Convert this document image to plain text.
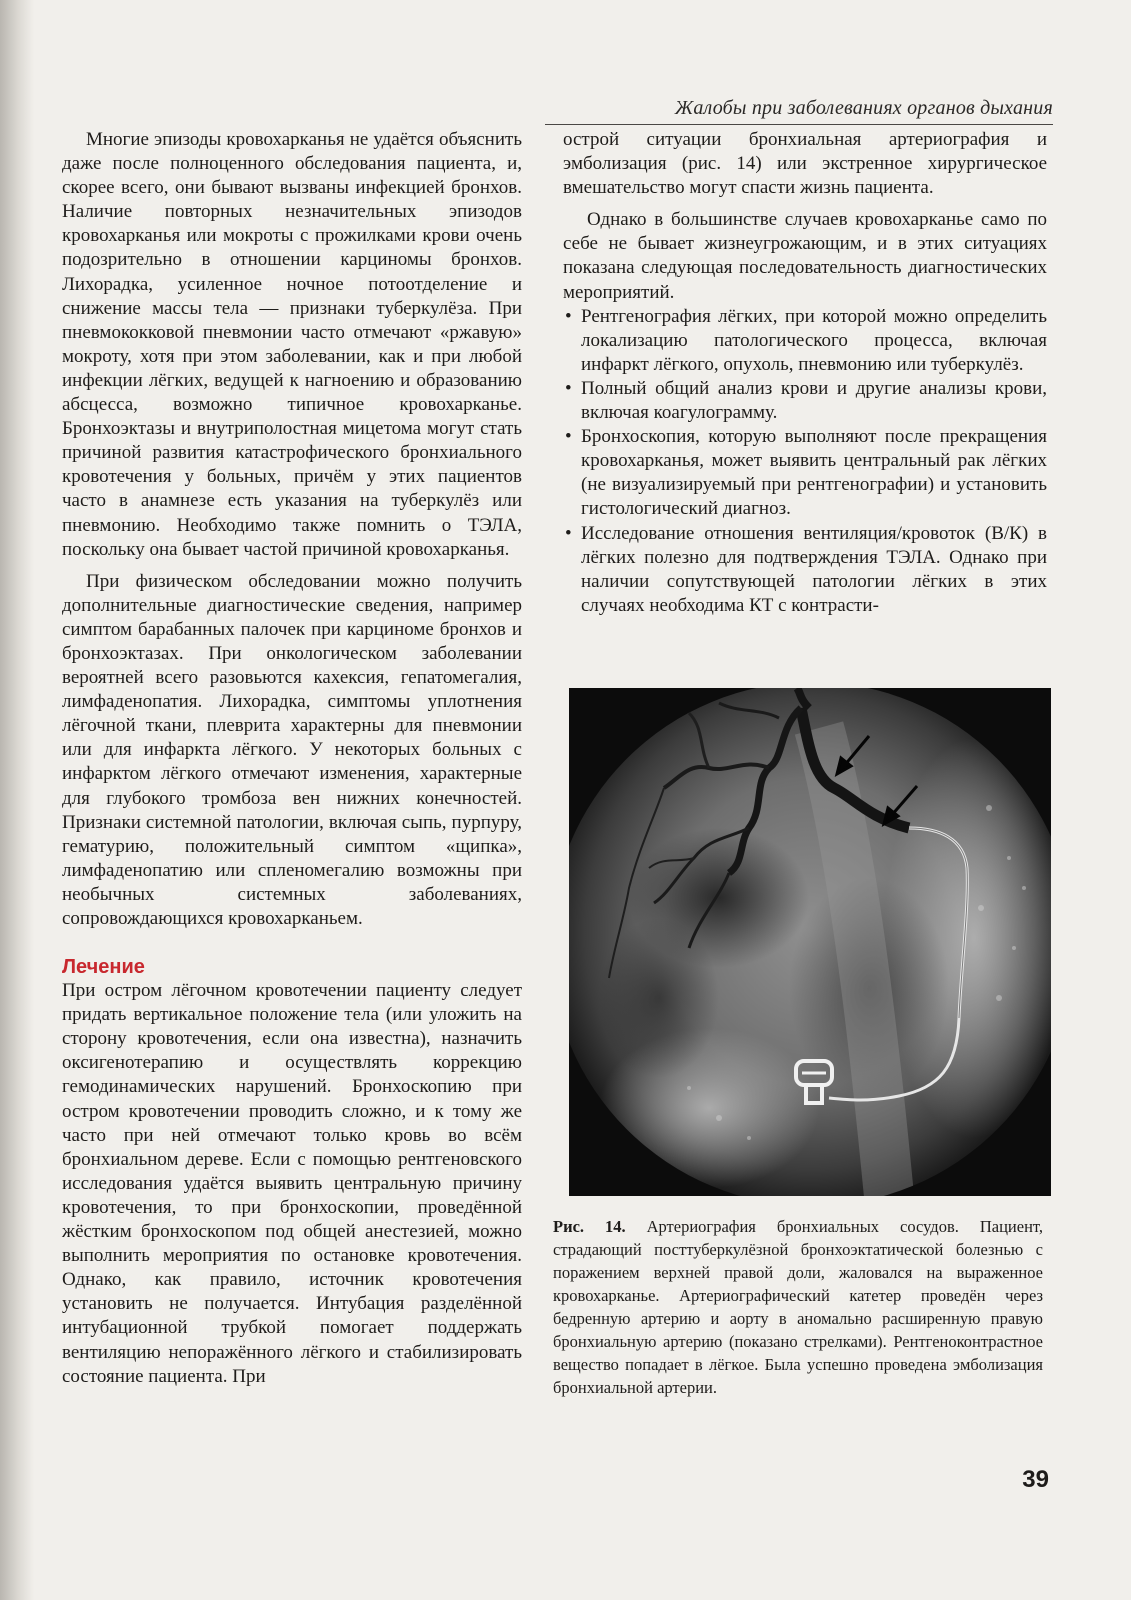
Жалобы при заболеваниях органов дыхания

Многие эпизоды кровохарканья не удаётся объяснить даже после полноценного обследования пациента, и, скорее всего, они бывают вызваны инфекцией бронхов. Наличие повторных незначительных эпизодов кровохарканья или мокроты с прожилками крови очень подозрительно в отношении карциномы бронхов. Лихорадка, усиленное ночное потоотделение и снижение массы тела — признаки туберкулёза. При пневмококковой пневмонии часто отмечают «ржавую» мокроту, хотя при этом заболевании, как и при любой инфекции лёгких, ведущей к нагноению и образованию абсцесса, возможно типичное кровохарканье. Бронхоэктазы и внутриполостная мицетома могут стать причиной развития катастрофического бронхиального кровотечения у больных, причём у этих пациентов часто в анамнезе есть указания на туберкулёз или пневмонию. Необходимо также помнить о ТЭЛА, поскольку она бывает частой причиной кровохарканья.

При физическом обследовании можно получить дополнительные диагностические сведения, например симптом барабанных палочек при карциноме бронхов и бронхоэктазах. При онкологическом заболевании вероятней всего разовьются кахексия, гепатомегалия, лимфаденопатия. Лихорадка, симптомы уплотнения лёгочной ткани, плеврита характерны для пневмонии или для инфаркта лёгкого. У некоторых больных с инфарктом лёгкого отмечают изменения, характерные для глубокого тромбоза вен нижних конечностей. Признаки системной патологии, включая сыпь, пурпуру, гематурию, положительный симптом «щипка», лимфаденопатию или спленомегалию возможны при необычных системных заболеваниях, сопровождающихся кровохарканьем.

Лечение

При остром лёгочном кровотечении пациенту следует придать вертикальное положение тела (или уложить на сторону кровотечения, если она известна), назначить оксигенотерапию и осуществлять коррекцию гемодинамических нарушений. Бронхоскопию при остром кровотечении проводить сложно, и к тому же часто при ней отмечают только кровь во всём бронхиальном дереве. Если с помощью рентгеновского исследования удаётся выявить центральную причину кровотечения, то при бронхоскопии, проведённой жёстким бронхоскопом под общей анестезией, можно выполнить мероприятия по остановке кровотечения. Однако, как правило, источник кровотечения установить не получается. Интубация разделённой интубационной трубкой помогает поддержать вентиляцию непоражённого лёгкого и стабилизировать состояние пациента. При

острой ситуации бронхиальная артериография и эмболизация (рис. 14) или экстренное хирургическое вмешательство могут спасти жизнь пациента.

Однако в большинстве случаев кровохарканье само по себе не бывает жизнеугрожающим, и в этих ситуациях показана следующая последовательность диагностических мероприятий.

• Рентгенография лёгких, при которой можно определить локализацию патологического процесса, включая инфаркт лёгкого, опухоль, пневмонию или туберкулёз.
• Полный общий анализ крови и другие анализы крови, включая коагулограмму.
• Бронхоскопия, которую выполняют после прекращения кровохарканья, может выявить центральный рак лёгких (не визуализируемый при рентгенографии) и установить гистологический диагноз.
• Исследование отношения вентиляция/кровоток (В/К) в лёгких полезно для подтверждения ТЭЛА. Однако при наличии сопутствующей патологии лёгких в этих случаях необходима КТ с контрасти-
Рис. 14. Артериография бронхиальных сосудов. Пациент, страдающий посттуберкулёзной бронхоэктатической болезнью с поражением верхней правой доли, жаловался на выраженное кровохарканье. Артериографический катетер проведён через бедренную артерию и аорту в аномально расширенную правую бронхиальную артерию (показано стрелками). Рентгеноконтрастное вещество попадает в лёгкое. Была успешно проведена эмболизация бронхиальной артерии.
39
